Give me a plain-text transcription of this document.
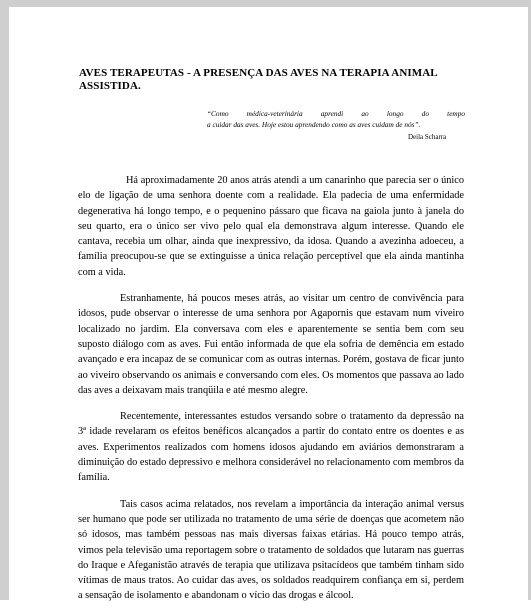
AVES TERAPEUTAS - A PRESENÇA DAS AVES NA TERAPIA ANIMAL ASSISTIDA.
“Como médica-veterinária aprendi ao longo do tempo
a cuidar das aves. Hoje estou aprendendo como as aves cuidam de nós”.
Deila Scharra

Há aproximadamente 20 anos atrás atendi a um canarinho que parecia ser o único elo de ligação de uma senhora doente com a realidade. Ela padecia de uma enfermidade degenerativa há longo tempo, e o pequenino pássaro que ficava na gaiola junto à janela do seu quarto, era o único ser vivo pelo qual ela demonstrava algum interesse. Quando ele cantava, recebia um olhar, ainda que inexpressivo, da idosa. Quando a avezinha adoeceu, a família preocupou-se que se extinguisse a única relação perceptível que ela ainda mantinha com a vida.

Estranhamente, há poucos meses atrás, ao visitar um centro de convivência para idosos, pude observar o interesse de uma senhora por Agapornis que estavam num viveiro localizado no jardim. Ela conversava com eles e aparentemente se sentia bem com seu suposto diálogo com as aves. Fui então informada de que ela sofria de demência em estado avançado e era incapaz de se comunicar com as outras internas. Porém, gostava de ficar junto ao viveiro observando os animais e conversando com eles. Os momentos que passava ao lado das aves a deixavam mais tranqüila e até mesmo alegre.

Recentemente, interessantes estudos versando sobre o tratamento da depressão na 3ª idade revelaram os efeitos benéficos alcançados a partir do contato entre os doentes e as aves. Experimentos realizados com homens idosos ajudando em aviários demonstraram a diminuição do estado depressivo e melhora considerável no relacionamento com membros da família.

Tais casos acima relatados, nos revelam a importância da interação animal versus ser humano que pode ser utilizada no tratamento de uma série de doenças que acometem não só idosos, mas também pessoas nas mais diversas faixas etárias. Há pouco tempo atrás, vimos pela televisão uma reportagem sobre o tratamento de soldados que lutaram nas guerras do Iraque e Afeganistão através de terapia que utilizava psitacídeos que também tinham sido vítimas de maus tratos. Ao cuidar das aves, os soldados readquirem confiança em si, perdem a sensação de isolamento e abandonam o vício das drogas e álcool.
